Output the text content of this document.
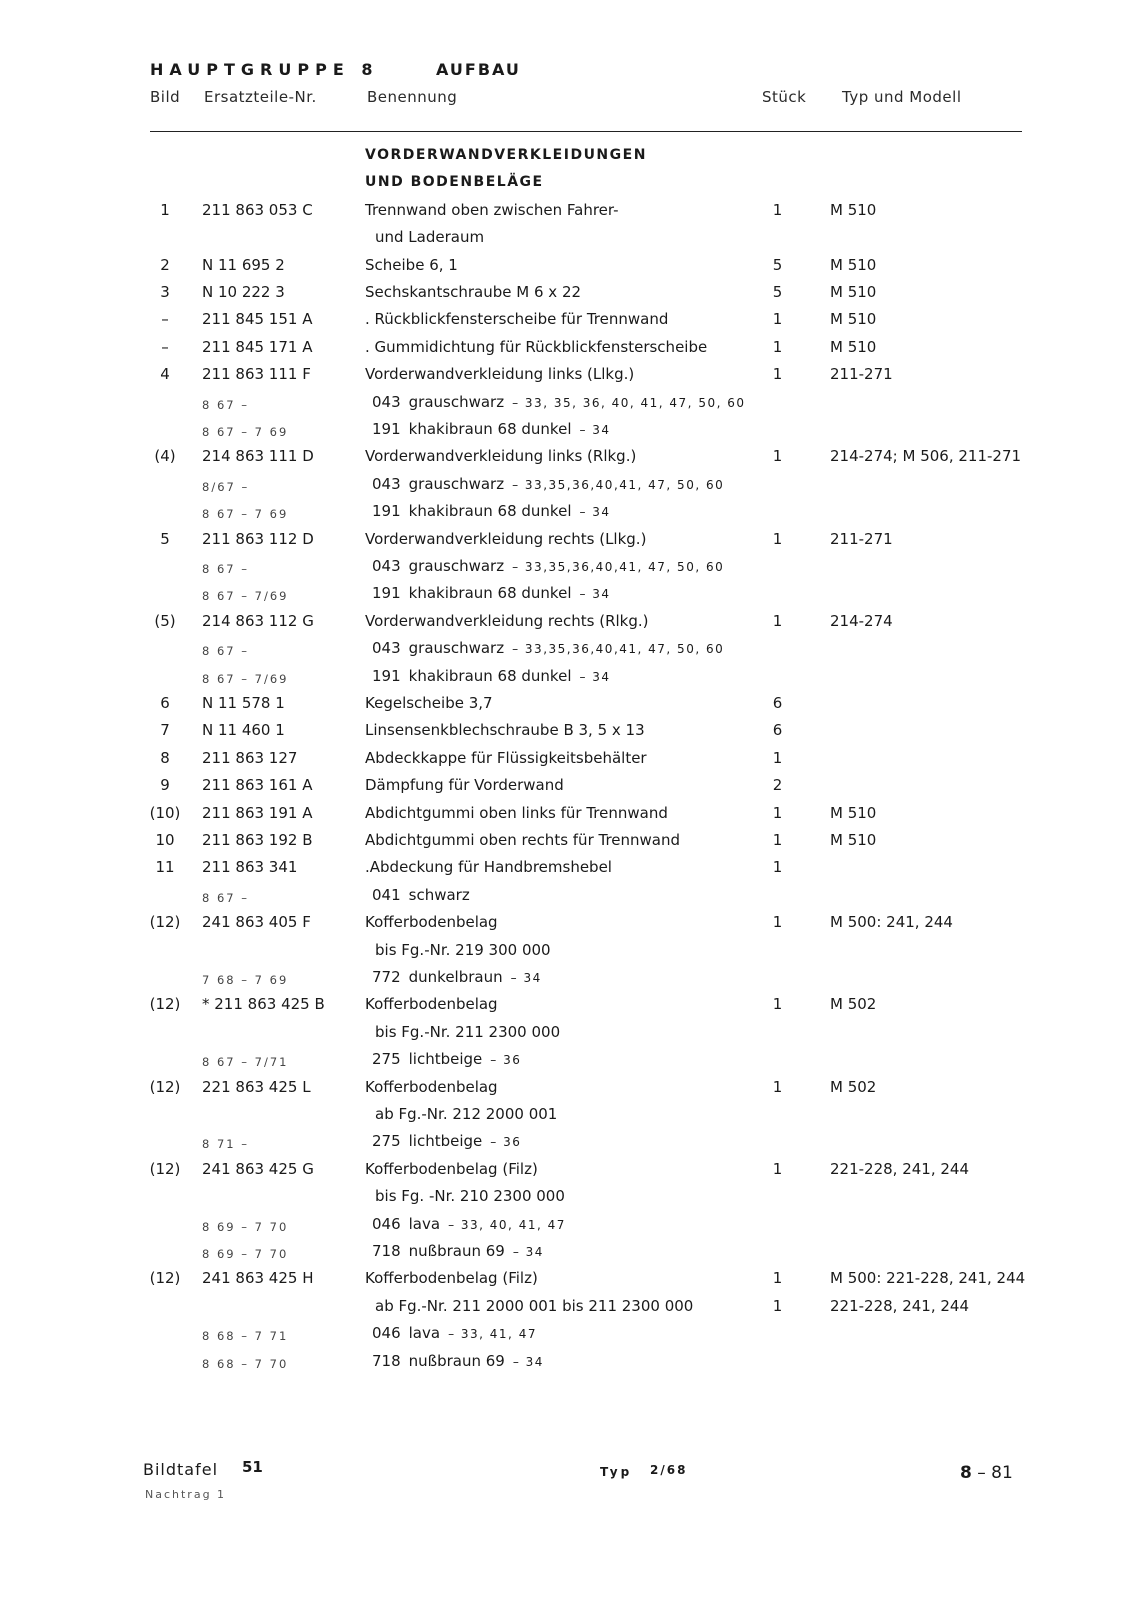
HAUPTGRUPPE 8	AUFBAU
Bild Ersatzteile-Nr.	Benennung	Stück Typ und Modell
VORDERWANDVERKLEIDUNGEN
UND BODENBELÄGE
1	211 863 053 C	Trennwand oben zwischen Fahrer-	1	M 510
und Laderaum
2	N 11 695 2	Scheibe 6, 1	5	M 510
3	N 10 222 3	Sechskantschraube M 6 x 22	5	M 510
–	211 845 151 A	. Rückblickfensterscheibe für Trennwand	1	M 510
–	211 845 171 A	. Gummidichtung für Rückblickfensterscheibe	1	M 510
4	211 863 111 F	Vorderwandverkleidung links (Llkg.)	1	211-271
8 67 –	043 grauschwarz – 33, 35, 36, 40, 41, 47, 50, 60
8 67 – 7 69	191 khakibraun 68 dunkel – 34
(4)	214 863 111 D	Vorderwandverkleidung links (Rlkg.)	1	214-274; M 506, 211-271
8/67 –	043 grauschwarz – 33,35,36,40,41, 47, 50, 60
8 67 – 7 69	191 khakibraun 68 dunkel – 34
5	211 863 112 D	Vorderwandverkleidung rechts (Llkg.)	1	211-271
8 67 –	043 grauschwarz – 33,35,36,40,41, 47, 50, 60
8 67 – 7/69	191 khakibraun 68 dunkel – 34
(5)	214 863 112 G	Vorderwandverkleidung rechts (Rlkg.)	1	214-274
8 67 –	043 grauschwarz – 33,35,36,40,41, 47, 50, 60
8 67 – 7/69	191 khakibraun 68 dunkel – 34
6	N 11 578 1	Kegelscheibe 3,7	6
7	N 11 460 1	Linsensenkblechschraube B 3, 5 x 13	6
8	211 863 127	Abdeckkappe für Flüssigkeitsbehälter	1
9	211 863 161 A	Dämpfung für Vorderwand	2
(10)	211 863 191 A	Abdichtgummi oben links für Trennwand	1	M 510
10	211 863 192 B	Abdichtgummi oben rechts für Trennwand	1	M 510
11	211 863 341	.Abdeckung für Handbremshebel	1
8 67 –	041 schwarz
(12)	241 863 405 F	Kofferbodenbelag	1	M 500: 241, 244
bis Fg.-Nr. 219 300 000
7 68 – 7 69	772 dunkelbraun – 34
(12)	* 211 863 425 B	Kofferbodenbelag	1	M 502
bis Fg.-Nr. 211 2300 000
8 67 – 7/71	275 lichtbeige – 36
(12)	221 863 425 L	Kofferbodenbelag	1	M 502
ab Fg.-Nr. 212 2000 001
8 71 –	275 lichtbeige – 36
(12)	241 863 425 G	Kofferbodenbelag (Filz)	1	221-228, 241, 244
bis Fg. -Nr. 210 2300 000
8 69 – 7 70	046 lava – 33, 40, 41, 47
8 69 – 7 70	718 nußbraun 69 – 34
(12)	241 863 425 H	Kofferbodenbelag (Filz)	1	M 500: 221-228, 241, 244
ab Fg.-Nr. 211 2000 001 bis 211 2300 000	1	221-228, 241, 244
8 68 – 7 71	046 lava – 33, 41, 47
8 68 – 7 70	718 nußbraun 69 – 34
Bildtafel 51	Typ 2/68	8 – 81
Nachtrag 1
